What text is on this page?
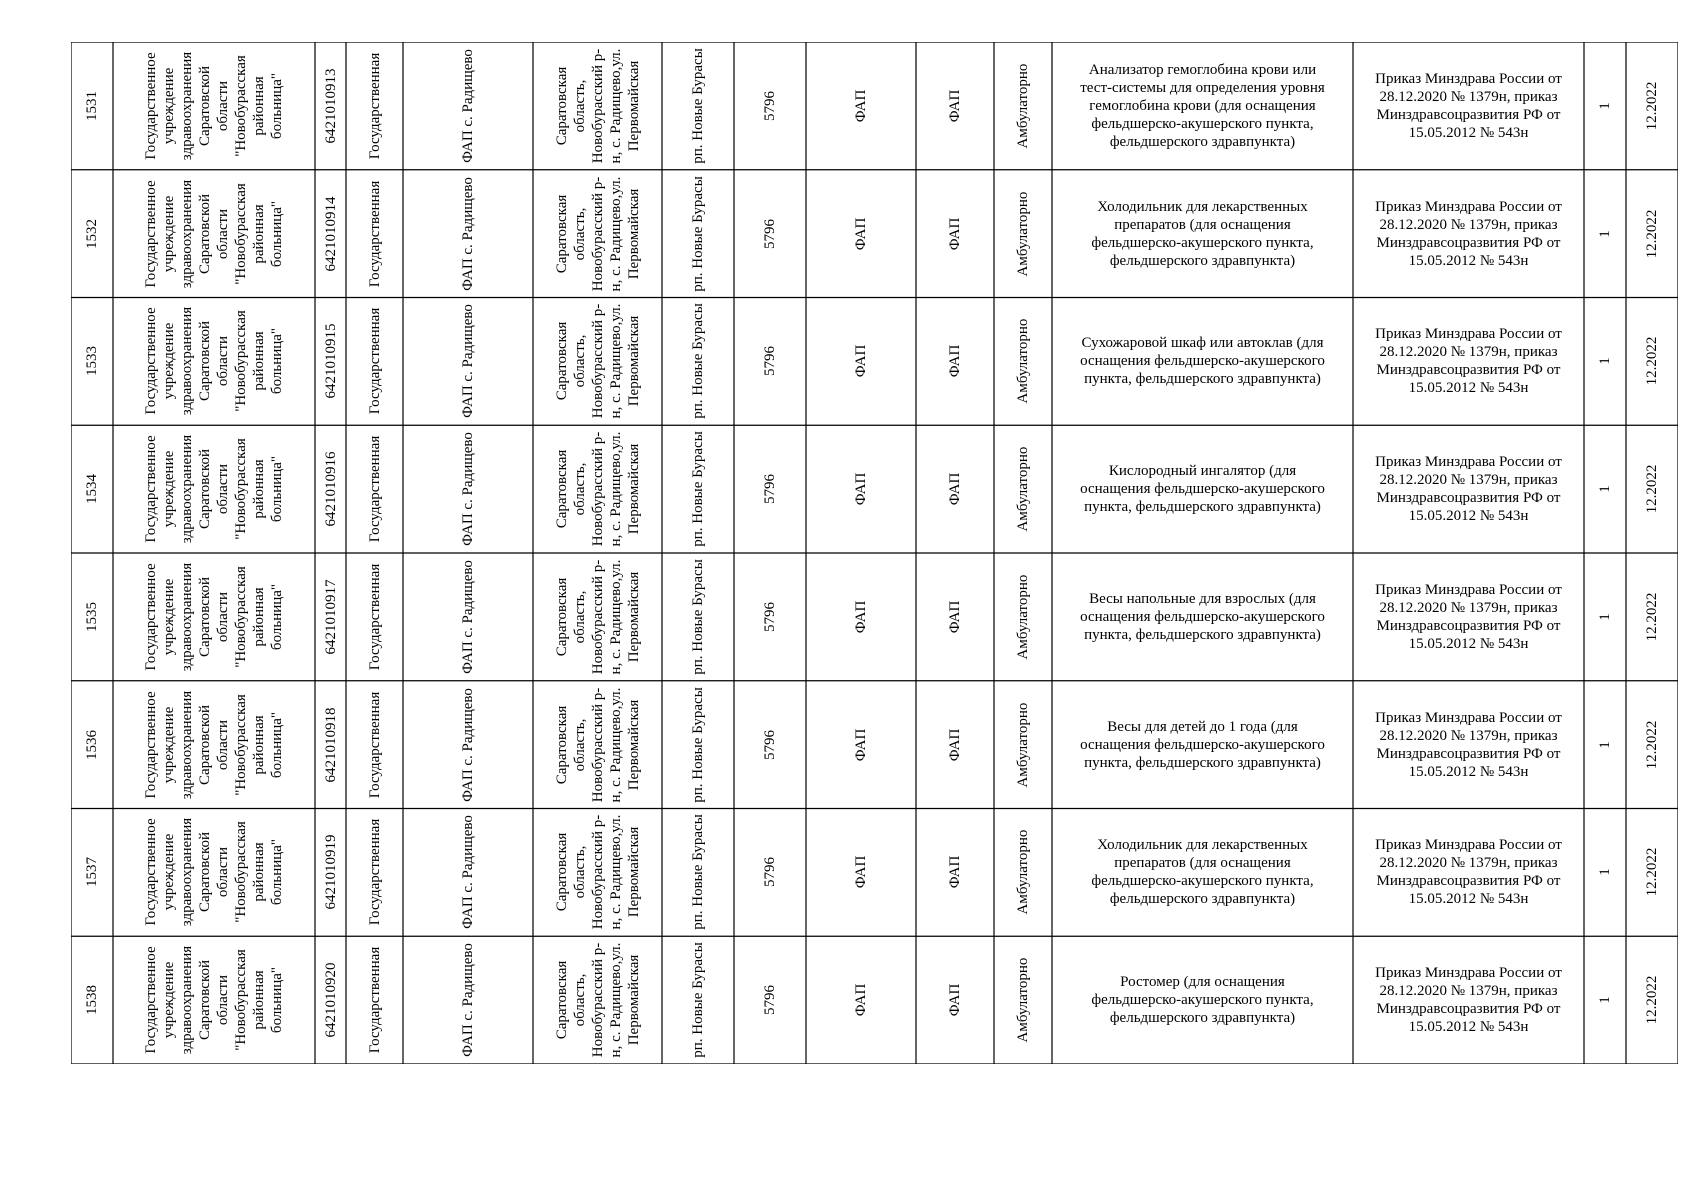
1531	Государственное
учреждение
здравоохранения
Саратовской
области
"Новобурасская
районная
больница"	6421010913 Государственная	ФАП с. Радищево	Саратовская
область,
Новобурасский р-
н, с. Радищево,ул.
Первомайская	рп. Новые Бурасы	5796	ФАП	ФАП	Амбулаторно	Анализатор гемоглобина крови или
тест-системы для определения уровня
гемоглобина крови (для оснащения
фельдшерско-акушерского пункта,
фельдшерского здравпункта)
Приказ Минздрава России от
28.12.2020 № 1379н, приказ
Минздравсоцразвития РФ от
15.05.2012 № 543н
1 12.2022
1532	Государственное
учреждение
здравоохранения
Саратовской
области
"Новобурасская
районная
больница"	6421010914 Государственная	ФАП с. Радищево	Саратовская
область,
Новобурасский р-
н, с. Радищево,ул.
Первомайская	рп. Новые Бурасы	5796	ФАП	ФАП	Амбулаторно	Холодильник для лекарственных
препаратов (для оснащения
фельдшерско-акушерского пункта,
фельдшерского здравпункта)
Приказ Минздрава России от
28.12.2020 № 1379н, приказ
Минздравсоцразвития РФ от
15.05.2012 № 543н
1 12.2022
1533	Государственное
учреждение
здравоохранения
Саратовской
области
"Новобурасская
районная
больница"	6421010915 Государственная	ФАП с. Радищево	Саратовская
область,
Новобурасский р-
н, с. Радищево,ул.
Первомайская	рп. Новые Бурасы	5796	ФАП	ФАП	Амбулаторно	Сухожаровой шкаф или автоклав (для
оснащения фельдшерско-акушерского
пункта, фельдшерского здравпункта)
Приказ Минздрава России от
28.12.2020 № 1379н, приказ
Минздравсоцразвития РФ от
15.05.2012 № 543н
1 12.2022
1534	Государственное
учреждение
здравоохранения
Саратовской
области
"Новобурасская
районная
больница"	6421010916 Государственная	ФАП с. Радищево	Саратовская
область,
Новобурасский р-
н, с. Радищево,ул.
Первомайская	рп. Новые Бурасы	5796	ФАП	ФАП	Амбулаторно	Кислородный ингалятор (для
оснащения фельдшерско-акушерского
пункта, фельдшерского здравпункта)
Приказ Минздрава России от
28.12.2020 № 1379н, приказ
Минздравсоцразвития РФ от
15.05.2012 № 543н
1 12.2022
1535	Государственное
учреждение
здравоохранения
Саратовской
области
"Новобурасская
районная
больница"	6421010917 Государственная	ФАП с. Радищево	Саратовская
область,
Новобурасский р-
н, с. Радищево,ул.
Первомайская	рп. Новые Бурасы	5796	ФАП	ФАП	Амбулаторно	Весы напольные для взрослых (для
оснащения фельдшерско-акушерского
пункта, фельдшерского здравпункта)
Приказ Минздрава России от
28.12.2020 № 1379н, приказ
Минздравсоцразвития РФ от
15.05.2012 № 543н
1 12.2022
1536	Государственное
учреждение
здравоохранения
Саратовской
области
"Новобурасская
районная
больница"	6421010918 Государственная	ФАП с. Радищево	Саратовская
область,
Новобурасский р-
н, с. Радищево,ул.
Первомайская	рп. Новые Бурасы	5796	ФАП	ФАП	Амбулаторно	Весы для детей до 1 года (для
оснащения фельдшерско-акушерского
пункта, фельдшерского здравпункта)
Приказ Минздрава России от
28.12.2020 № 1379н, приказ
Минздравсоцразвития РФ от
15.05.2012 № 543н
1 12.2022
1537	Государственное
учреждение
здравоохранения
Саратовской
области
"Новобурасская
районная
больница"	6421010919 Государственная	ФАП с. Радищево	Саратовская
область,
Новобурасский р-
н, с. Радищево,ул.
Первомайская	рп. Новые Бурасы	5796	ФАП	ФАП	Амбулаторно	Холодильник для лекарственных
препаратов (для оснащения
фельдшерско-акушерского пункта,
фельдшерского здравпункта)
Приказ Минздрава России от
28.12.2020 № 1379н, приказ
Минздравсоцразвития РФ от
15.05.2012 № 543н
1 12.2022
1538	Государственное
учреждение
здравоохранения
Саратовской
области
"Новобурасская
районная
больница"	6421010920 Государственная	ФАП с. Радищево	Саратовская
область,
Новобурасский р-
н, с. Радищево,ул.
Первомайская	рп. Новые Бурасы	5796	ФАП	ФАП	Амбулаторно	Ростомер (для оснащения
фельдшерско-акушерского пункта,
фельдшерского здравпункта)
Приказ Минздрава России от
28.12.2020 № 1379н, приказ
Минздравсоцразвития РФ от
15.05.2012 № 543н
1 12.2022
